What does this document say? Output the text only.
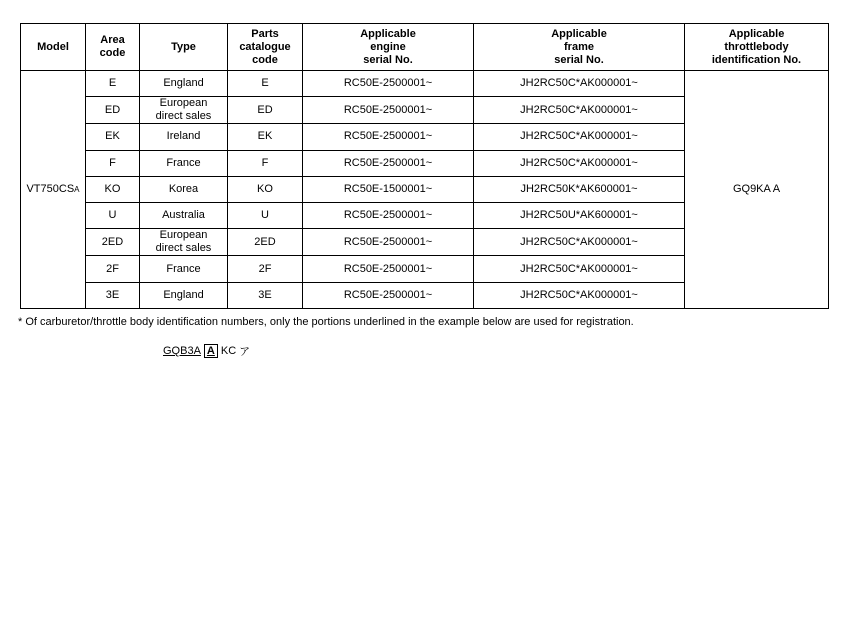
Model	Area
code	Type	Parts
catalogue
code	Applicable
engine
serial No.	Applicable
frame
serial No.	Applicable
throttlebody
identification No.
VT750CSA	E	England	E	RC50E-2500001~	JH2RC50C*AK000001~	GQ9KA A
	ED	European
direct sales	ED	RC50E-2500001~	JH2RC50C*AK000001~	
	EK	Ireland	EK	RC50E-2500001~	JH2RC50C*AK000001~	
	F	France	F	RC50E-2500001~	JH2RC50C*AK000001~	
	KO	Korea	KO	RC50E-1500001~	JH2RC50K*AK600001~	
	U	Australia	U	RC50E-2500001~	JH2RC50U*AK600001~	
	2ED	European
direct sales	2ED	RC50E-2500001~	JH2RC50C*AK000001~	
	2F	France	2F	RC50E-2500001~	JH2RC50C*AK000001~	
	3E	England	3E	RC50E-2500001~	JH2RC50C*AK000001~	
* Of carburetor/throttle body identification numbers, only the portions underlined in the example below are used for registration.
GQB3A A KC ア
